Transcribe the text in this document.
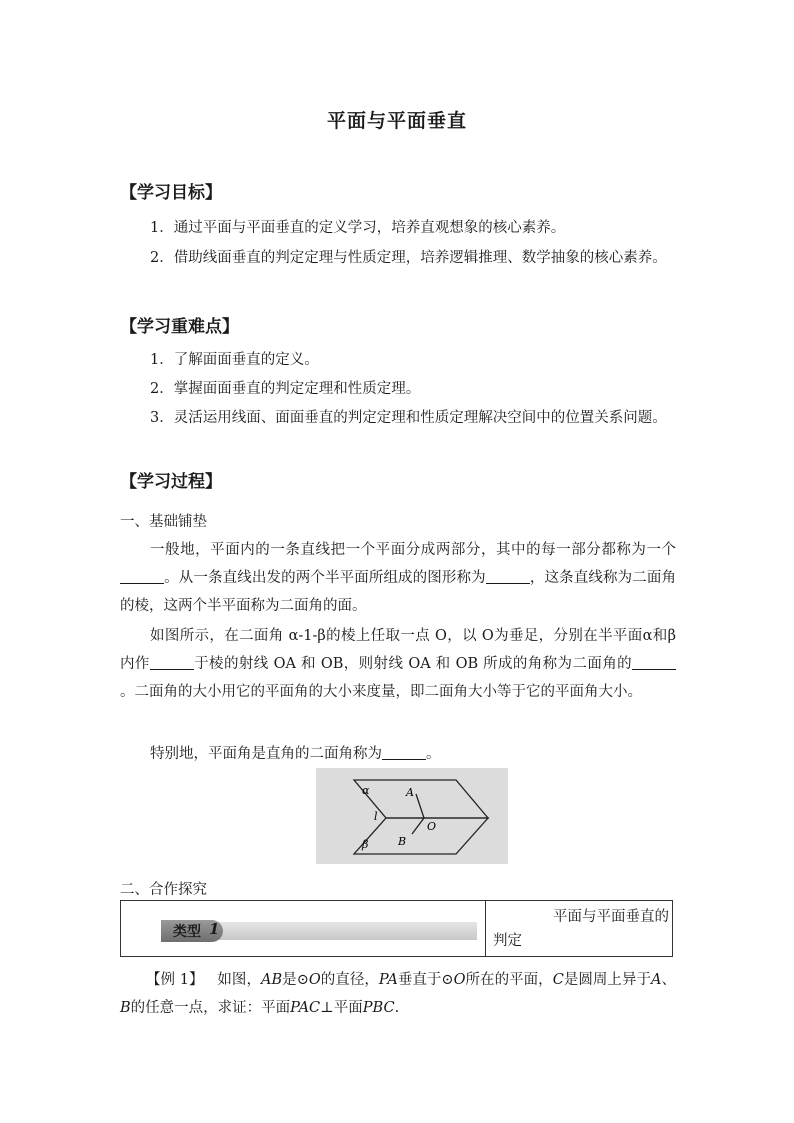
平面与平面垂直
【学习目标】
1．通过平面与平面垂直的定义学习，培养直观想象的核心素养。
2．借助线面垂直的判定定理与性质定理，培养逻辑推理、数学抽象的核心素养。
【学习重难点】
1．了解面面垂直的定义。
2．掌握面面垂直的判定定理和性质定理。
3．灵活运用线面、面面垂直的判定定理和性质定理解决空间中的位置关系问题。
【学习过程】
一、基础铺垫
一般地，平面内的一条直线把一个平面分成两部分，其中的每一部分都称为一个。从一条直线出发的两个半平面所组成的图形称为	，这条直线称为二面角的棱，这两个半平面称为二面角的面。
如图所示，在二面角 α-1-β的棱上任取一点 O，以 O为垂足，分别在半平面α和β内作	于棱的射线 OA 和 OB，则射线 OA 和 OB 所成的角称为二面角的。二面角的大小用它的平面角的大小来度量，即二面角大小等于它的平面角大小。
特别地，平面角是直角的二面角称为	。
α
β
l
A
O
B
二、合作探究
类型 1
平面与平面垂直的
判定
【例 1】 如图，AB是⊙O的直径，PA垂直于⊙O所在的平面，C是圆周上异于A、B的任意一点，求证：平面PAC⊥平面PBC.
